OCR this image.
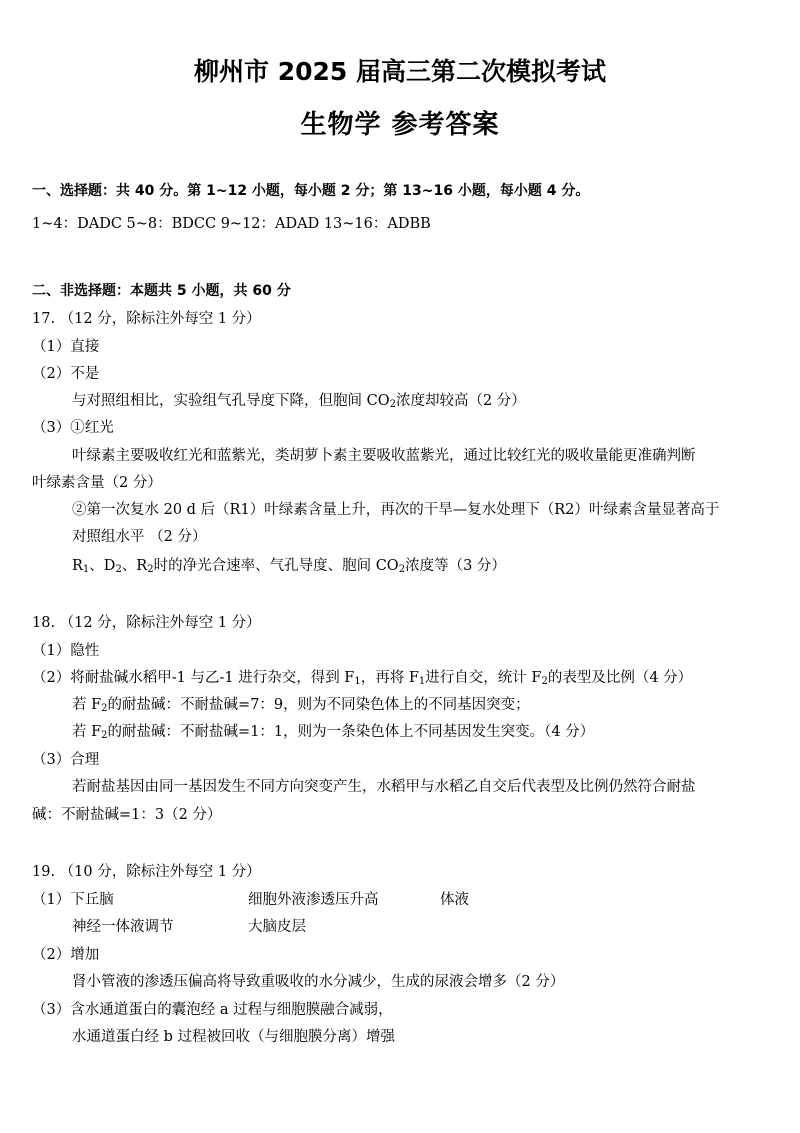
柳州市 2025 届高三第二次模拟考试
生物学 参考答案
一、选择题：共 40 分。第 1~12 小题，每小题 2 分；第 13~16 小题，每小题 4 分。
1~4：DADC 5~8：BDCC 9~12：ADAD 13~16：ADBB
二、非选择题：本题共 5 小题，共 60 分
17. （12 分，除标注外每空 1 分）
（1）直接
（2）不是
与对照组相比，实验组气孔导度下降，但胞间 $CO_2$浓度却较高（2 分）
（3）①红光
叶绿素主要吸收红光和蓝紫光，类胡萝卜素主要吸收蓝紫光，通过比较红光的吸收量能更准确判断
叶绿素含量（2 分）
②第一次复水 20 d 后（R1）叶绿素含量上升，再次的干旱—复水处理下（R2）叶绿素含量显著高于
对照组水平 （2 分）
$R_1$、$D_2$、$R_2$时的净光合速率、气孔导度、胞间 $CO_2$浓度等（3 分）
18. （12 分，除标注外每空 1 分）
（1）隐性
（2）将耐盐碱水稻甲-1 与乙-1 进行杂交，得到 $F_1$，再将 $F_1$进行自交，统计 $F_2$的表型及比例（4 分）
若 $F_2$的耐盐碱：不耐盐碱=7：9，则为不同染色体上的不同基因突变；
若 $F_2$的耐盐碱：不耐盐碱=1：1，则为一条染色体上不同基因发生突变。（4 分）
（3）合理
若耐盐基因由同一基因发生不同方向突变产生，水稻甲与水稻乙自交后代表型及比例仍然符合耐盐
碱：不耐盐碱=1：3（2 分）
19. （10 分，除标注外每空 1 分）
（1）下丘脑	细胞外液渗透压升高	体液
神经一体液调节	大脑皮层
（2）增加
肾小管液的渗透压偏高将导致重吸收的水分减少，生成的尿液会增多（2 分）
（3）含水通道蛋白的囊泡经 a 过程与细胞膜融合减弱，
水通道蛋白经 b 过程被回收（与细胞膜分离）增强
